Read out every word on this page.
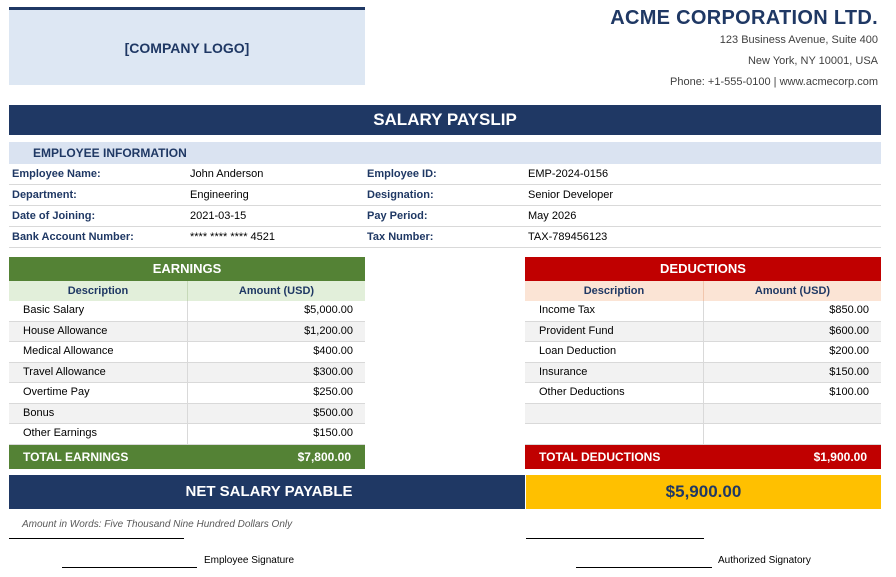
[COMPANY LOGO]
ACME CORPORATION LTD.
123 Business Avenue, Suite 400
New York, NY 10001, USA
Phone: +1-555-0100 | www.acmecorp.com
SALARY PAYSLIP
EMPLOYEE INFORMATION
Employee Name:	John Anderson	Employee ID:	EMP-2024-0156
Department:	Engineering	Designation:	Senior Developer
Date of Joining:	2021-03-15	Pay Period:	May 2026
Bank Account Number:	**** **** **** 4521	Tax Number:	TAX-789456123
EARNINGS
Description	Amount (USD)
Basic Salary	$5,000.00
House Allowance	$1,200.00
Medical Allowance	$400.00
Travel Allowance	$300.00
Overtime Pay	$250.00
Bonus	$500.00
Other Earnings	$150.00
TOTAL EARNINGS	$7,800.00
DEDUCTIONS
Description	Amount (USD)
Income Tax	$850.00
Provident Fund	$600.00
Loan Deduction	$200.00
Insurance	$150.00
Other Deductions	$100.00
TOTAL DEDUCTIONS	$1,900.00
NET SALARY PAYABLE	$5,900.00
Amount in Words: Five Thousand Nine Hundred Dollars Only
Employee Signature	Authorized Signatory
